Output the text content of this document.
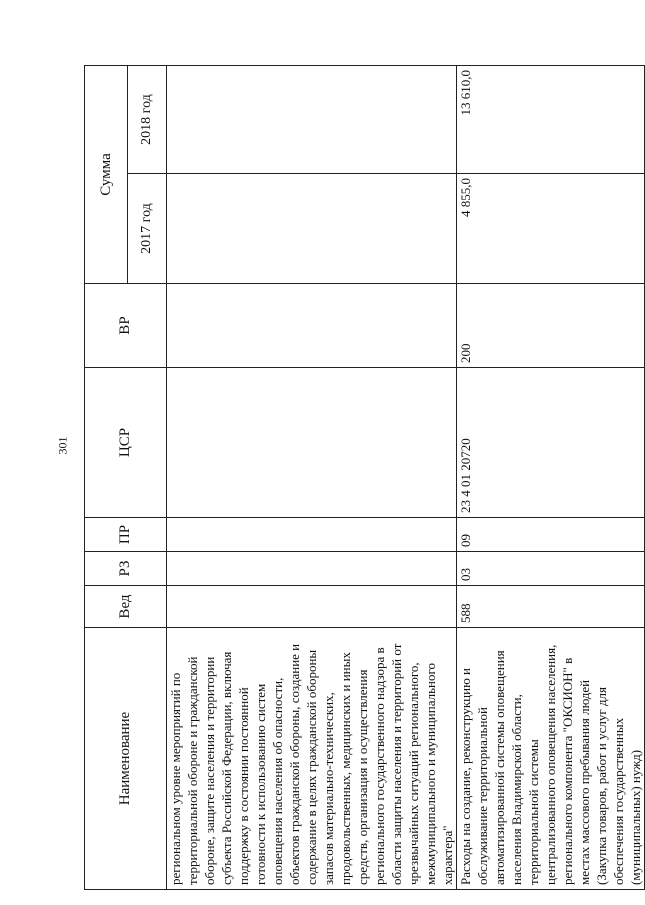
301
Наименование	Вед	РЗ	ПР	ЦСР	ВР	Сумма	
						2017 год	2018 год
региональном уровне мероприятий по территориальной обороне и гражданской обороне, защите населения и территории субъекта Российской Федерации, включая поддержку в состоянии постоянной готовности к использованию систем оповещения населения об опасности, объектов гражданской обороны, создание и содержание в целях гражданской обороны запасов материально-технических, продовольственных, медицинских и иных средств, организация и осуществления регионального государственного надзора в области защиты населения и территорий от чрезвычайных ситуаций регионального, межмуниципального и муниципального характера"							
Расходы на создание, реконструкцию и обслуживание территориальной автоматизированной системы оповещения населения Владимирской области, территориальной системы централизованного оповещения населения, регионального компонента "ОКСИОН" в местах массового пребывания людей (Закупка товаров, работ и услуг для обеспечения государственных (муниципальных) нужд)	588	03	09	23 4 01 20720	200	4 855,0	13 610,0
